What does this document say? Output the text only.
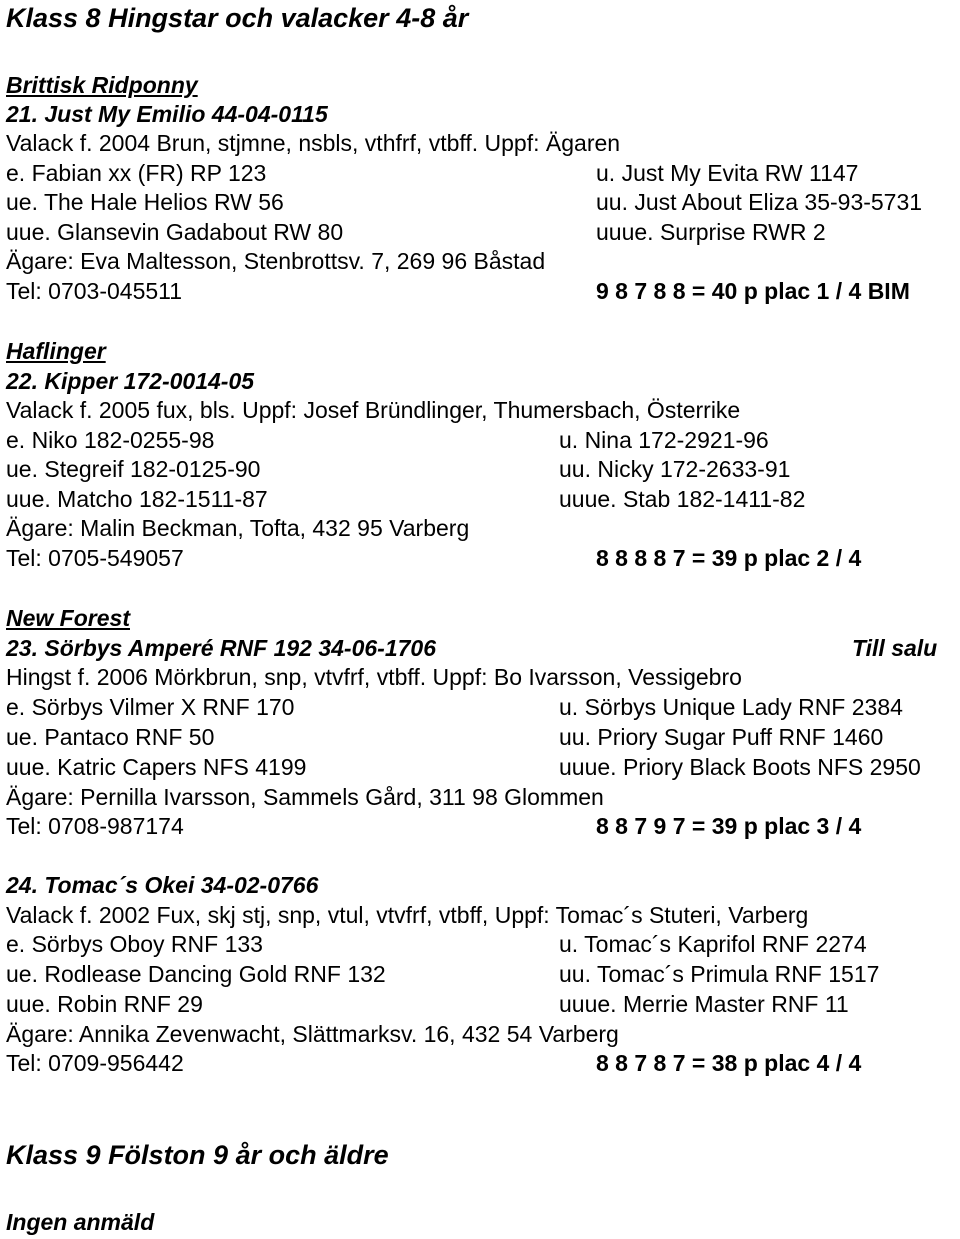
Klass 8 Hingstar och valacker 4-8 år
Brittisk Ridponny
21. Just My Emilio 44-04-0115
Valack f. 2004 Brun, stjmne, nsbls, vthfrf, vtbff. Uppf: Ägaren
e. Fabian xx (FR) RP 123	u. Just My Evita RW 1147
ue. The Hale Helios RW 56	uu. Just About Eliza 35-93-5731
uue. Glansevin Gadabout RW 80	uuue. Surprise RWR 2
Ägare: Eva Maltesson, Stenbrottsv. 7, 269 96 Båstad
Tel: 0703-045511	9 8 7 8 8 = 40 p plac 1 / 4 BIM
Haflinger
22. Kipper 172-0014-05
Valack f. 2005 fux, bls. Uppf: Josef Bründlinger, Thumersbach, Österrike
e. Niko 182-0255-98	u. Nina 172-2921-96
ue. Stegreif 182-0125-90	uu. Nicky 172-2633-91
uue. Matcho 182-1511-87	uuue. Stab 182-1411-82
Ägare: Malin Beckman, Tofta, 432 95 Varberg
Tel: 0705-549057	8 8 8 8 7 = 39 p plac 2 / 4
New Forest
23. Sörbys Amperé RNF 192 34-06-1706	Till salu
Hingst f. 2006 Mörkbrun, snp, vtvfrf, vtbff. Uppf: Bo Ivarsson, Vessigebro
e. Sörbys Vilmer X RNF 170	u. Sörbys Unique Lady RNF 2384
ue. Pantaco RNF 50	uu. Priory Sugar Puff RNF 1460
uue. Katric Capers NFS 4199	uuue. Priory Black Boots NFS 2950
Ägare: Pernilla Ivarsson, Sammels Gård, 311 98 Glommen
Tel: 0708-987174	8 8 7 9 7 = 39 p plac 3 / 4
24. Tomac´s Okei 34-02-0766
Valack f. 2002 Fux, skj stj, snp, vtul, vtvfrf, vtbff, Uppf: Tomac´s Stuteri, Varberg
e. Sörbys Oboy RNF 133	u. Tomac´s Kaprifol RNF 2274
ue. Rodlease Dancing Gold RNF 132	uu. Tomac´s Primula RNF 1517
uue. Robin RNF 29	uuue. Merrie Master RNF 11
Ägare: Annika Zevenwacht, Slättmarksv. 16, 432 54 Varberg
Tel: 0709-956442	8 8 7 8 7 = 38 p plac 4 / 4
Klass 9 Fölston 9 år och äldre
Ingen anmäld
